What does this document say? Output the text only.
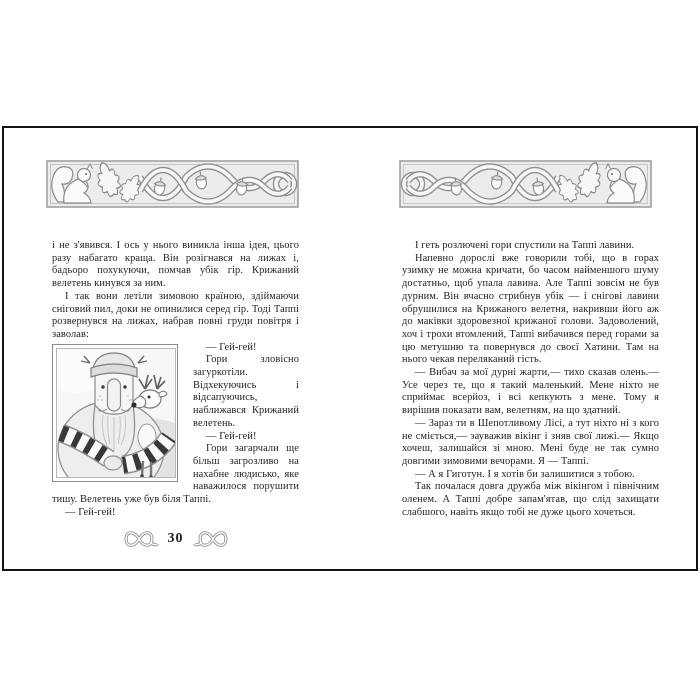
і не з'явився. І ось у нього виникла інша ідея, цього разу набагато краща. Він розігнався на лижах і, бадьоро похукуючи, помчав убік гір. Крижаний велетень кинувся за ним.

І так вони летіли зимовою країною, здіймаючи сніговий пил, доки не опинилися серед гір. Тоді Таппі розвернувся на лижах, набрав повні груди повітря і заволав:

— Гей-гей!

Гори зловісно загуркотіли. Відхекуючись і відсапуючись, наближався Крижаний велетень.

— Гей-гей!

Гори загарчали ще більш загрозливо на нахабне людисько, яке наважилося порушити тишу. Велетень уже був біля Таппі.

— Гей-гей!

І геть розлючені гори спустили на Таппі лавини.

Напевно дорослі вже говорили тобі, що в горах узимку не можна кричати, бо часом найменшого шуму достатньо, щоб упала лавина. Але Таппі зовсім не був дурним. Він вчасно стрибнув убік — і снігові лавини обрушилися на Крижаного велетня, накривши його аж до маківки здоровезної крижаної голови. Задоволений, хоч і трохи втомлений, Таппі вибачився перед горами за цю метушню та повернувся до своєї Хатини. Там на нього чекав переляканий гість.

— Вибач за мої дурні жарти,— тихо сказав олень.— Усе через те, що я такий маленький. Мене ніхто не сприймає всерйоз, і всі кепкують з мене. Тому я вирішив показати вам, велетням, на що здатний.

— Зараз ти в Шепотливому Лісі, а тут ніхто ні з кого не сміється,— зауважив вікінг і зняв свої лижі.— Якщо хочеш, залишайся зі мною. Мені буде не так сумно довгими зимовими вечорами. Я — Таппі.

— А я Гиготун. І я хотів би залишитися з тобою.

Так почалася довга дружба між вікінгом і північним оленем. А Таппі добре запам'ятав, що слід захищати слабшого, навіть якщо тобі не дуже цього хочеться.

30
